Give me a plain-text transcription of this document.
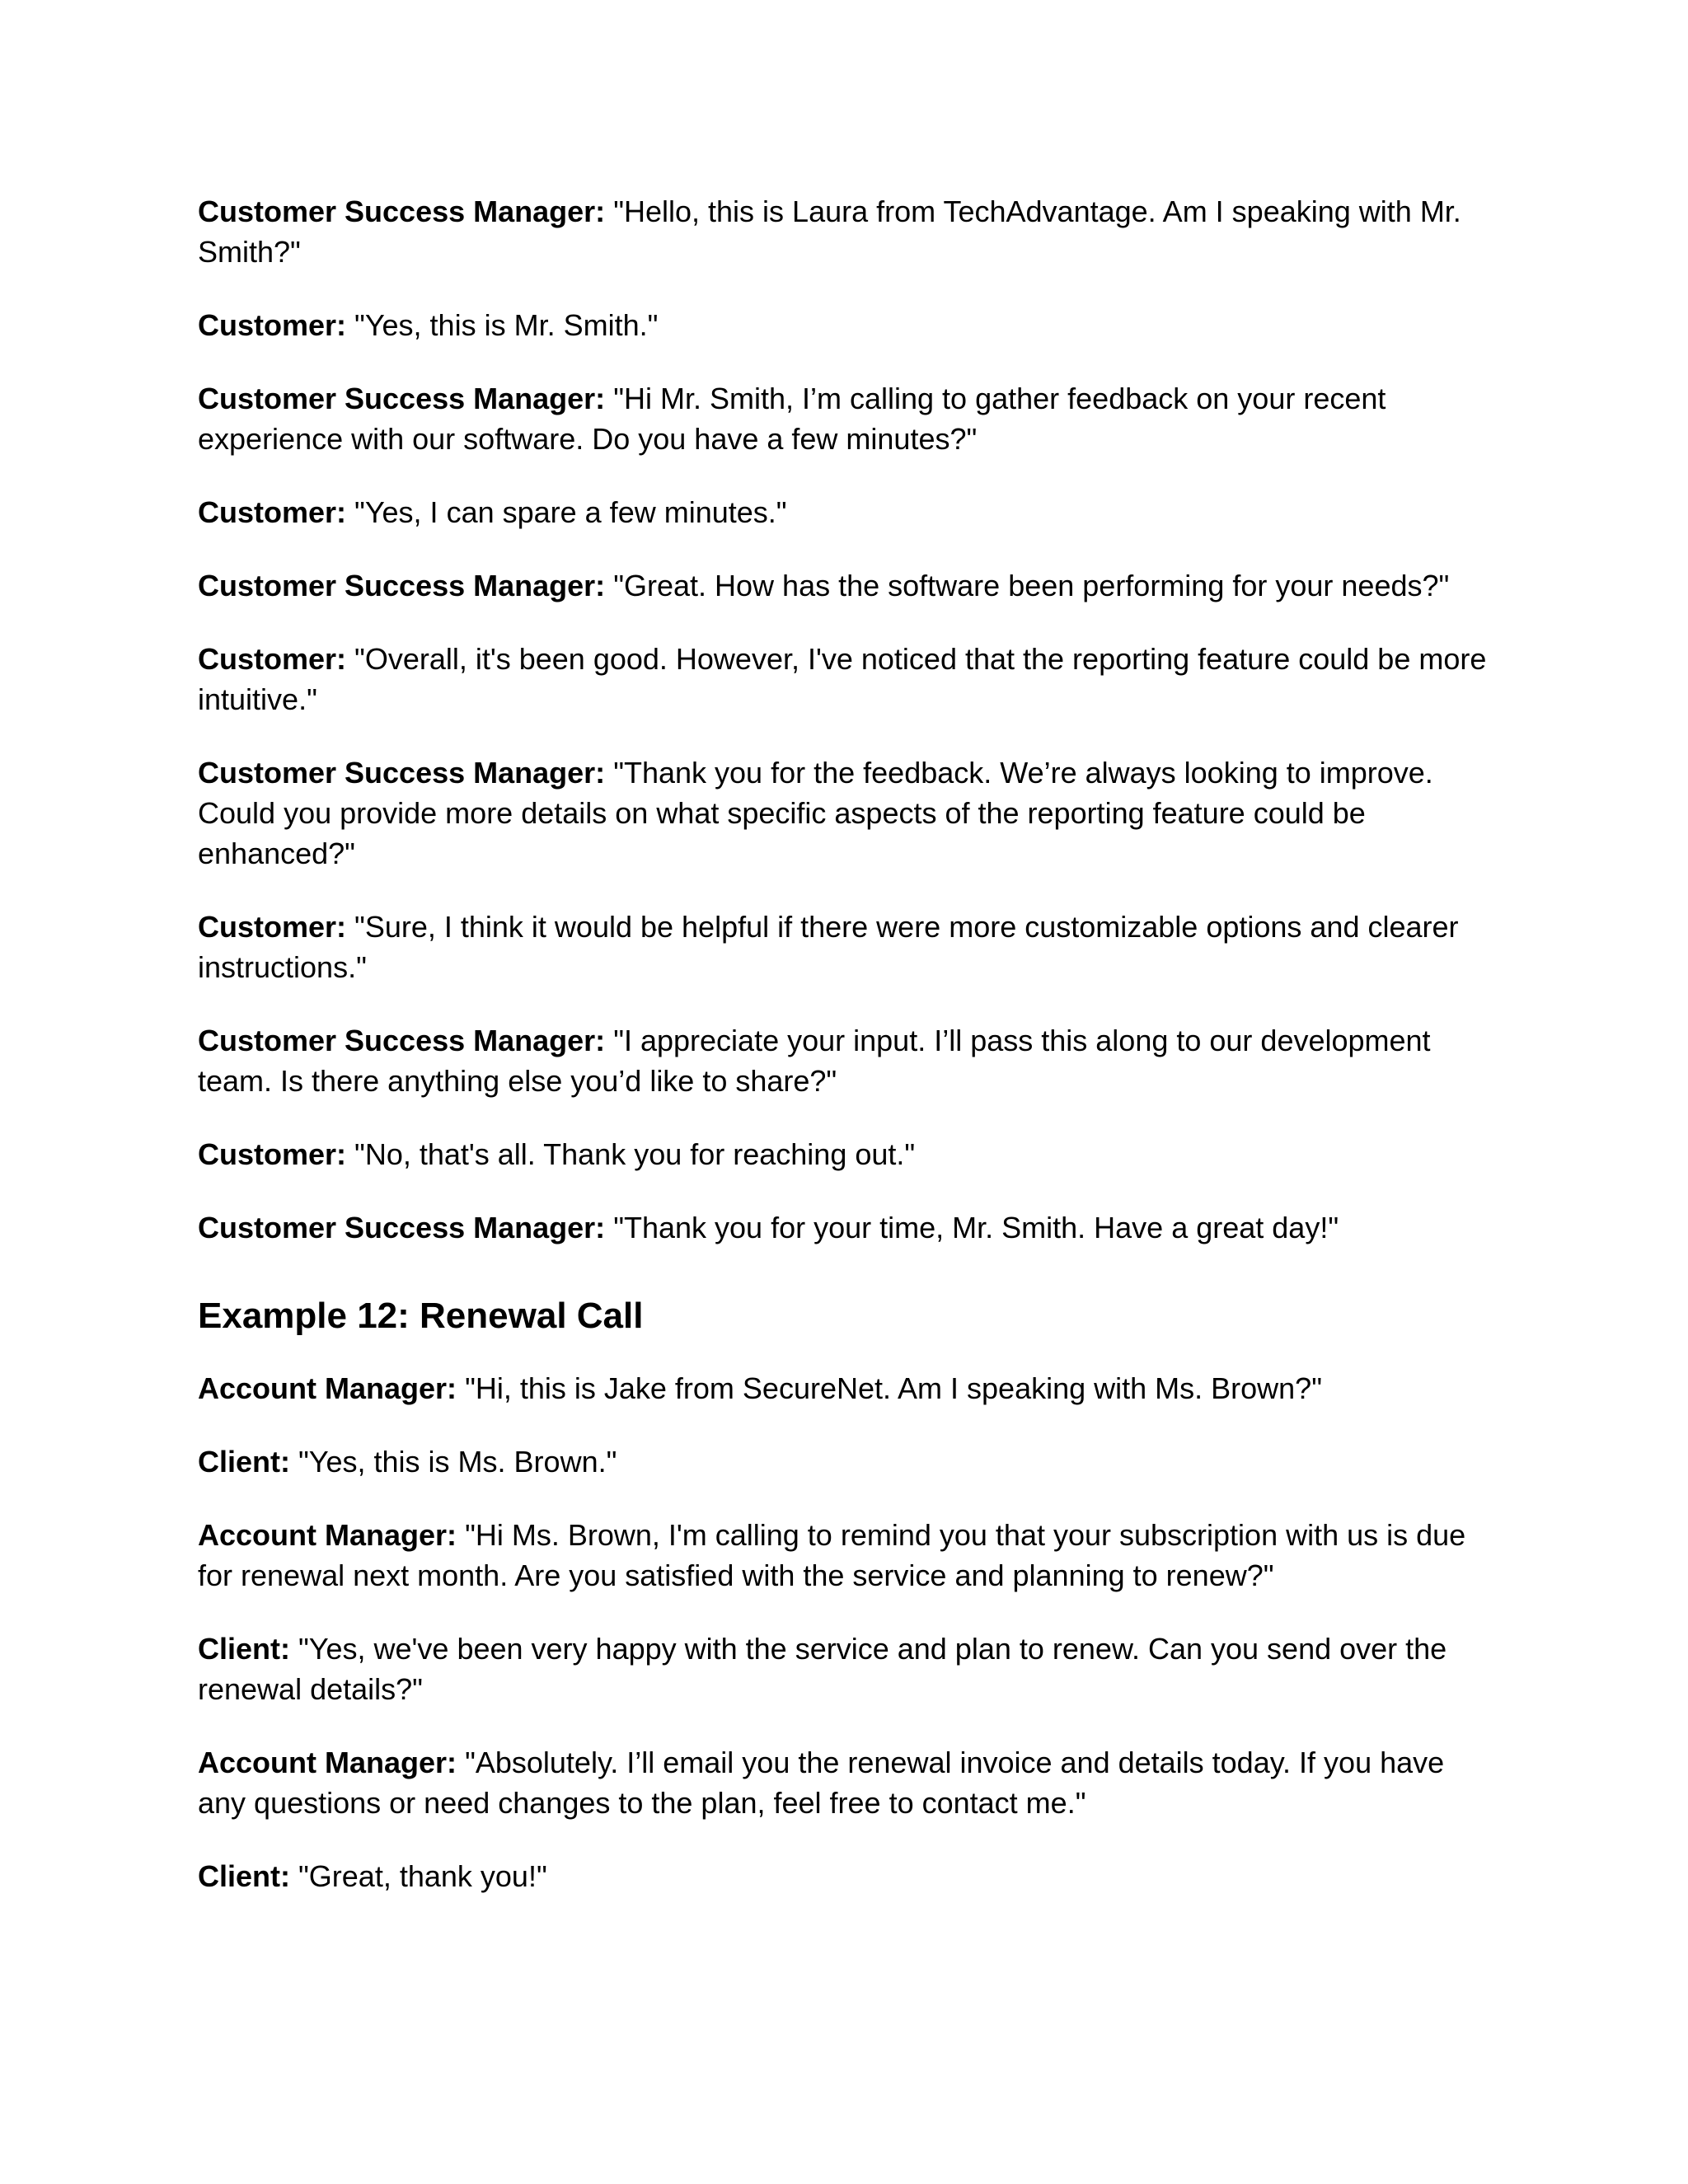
Customer Success Manager: "Hello, this is Laura from TechAdvantage. Am I speaking with Mr. Smith?"

Customer: "Yes, this is Mr. Smith."

Customer Success Manager: "Hi Mr. Smith, I’m calling to gather feedback on your recent experience with our software. Do you have a few minutes?"

Customer: "Yes, I can spare a few minutes."

Customer Success Manager: "Great. How has the software been performing for your needs?"

Customer: "Overall, it's been good. However, I've noticed that the reporting feature could be more intuitive."

Customer Success Manager: "Thank you for the feedback. We’re always looking to improve. Could you provide more details on what specific aspects of the reporting feature could be enhanced?"

Customer: "Sure, I think it would be helpful if there were more customizable options and clearer instructions."

Customer Success Manager: "I appreciate your input. I’ll pass this along to our development team. Is there anything else you’d like to share?"

Customer: "No, that's all. Thank you for reaching out."

Customer Success Manager: "Thank you for your time, Mr. Smith. Have a great day!"

Example 12: Renewal Call

Account Manager: "Hi, this is Jake from SecureNet. Am I speaking with Ms. Brown?"

Client: "Yes, this is Ms. Brown."

Account Manager: "Hi Ms. Brown, I'm calling to remind you that your subscription with us is due for renewal next month. Are you satisfied with the service and planning to renew?"

Client: "Yes, we've been very happy with the service and plan to renew. Can you send over the renewal details?"

Account Manager: "Absolutely. I’ll email you the renewal invoice and details today. If you have any questions or need changes to the plan, feel free to contact me."

Client: "Great, thank you!"
